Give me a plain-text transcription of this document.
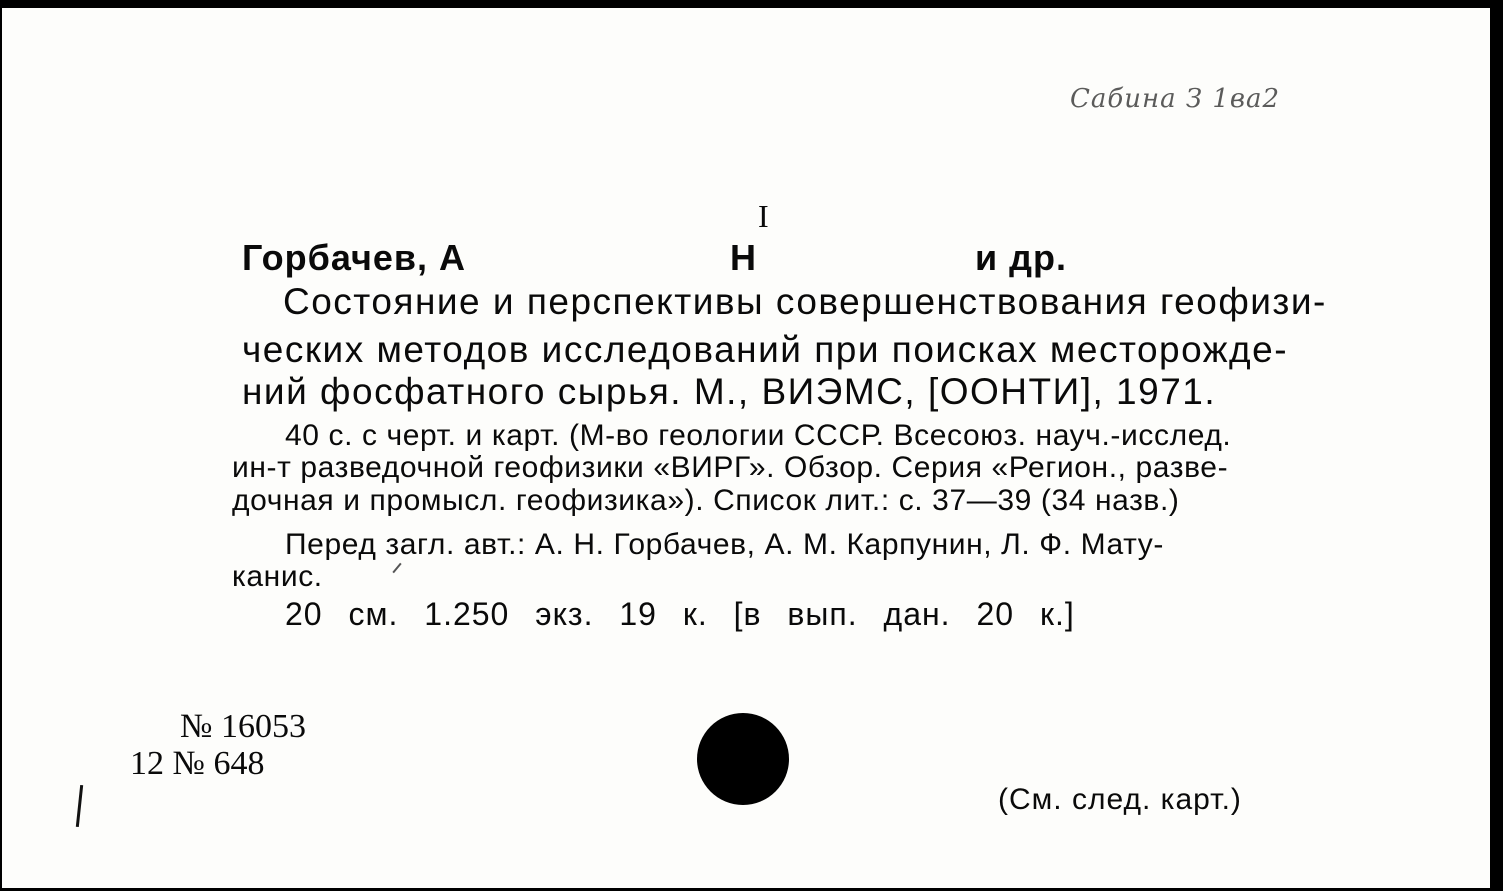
Сабина З 1ва2
I
Горбачев, А	Н	и др.
Состояние и перспективы совершенствования геофизи-
ческих методов исследований при поисках месторожде-
ний фосфатного сырья. М., ВИЭМС, [ООНТИ], 1971.
40 с. с черт. и карт. (М-во геологии СССР. Всесоюз. науч.-исслед.
ин-т разведочной геофизики «ВИРГ». Обзор. Серия «Регион., разве-
дочная и промысл. геофизика»). Список лит.: с. 37—39 (34 назв.)
Перед загл. авт.: А. Н. Горбачев, А. М. Карпунин, Л. Ф. Мату-
канис.
20 см. 1.250 экз. 19 к. [в вып. дан. 20 к.]
№ 16053
12 № 648
(См. след. карт.)
